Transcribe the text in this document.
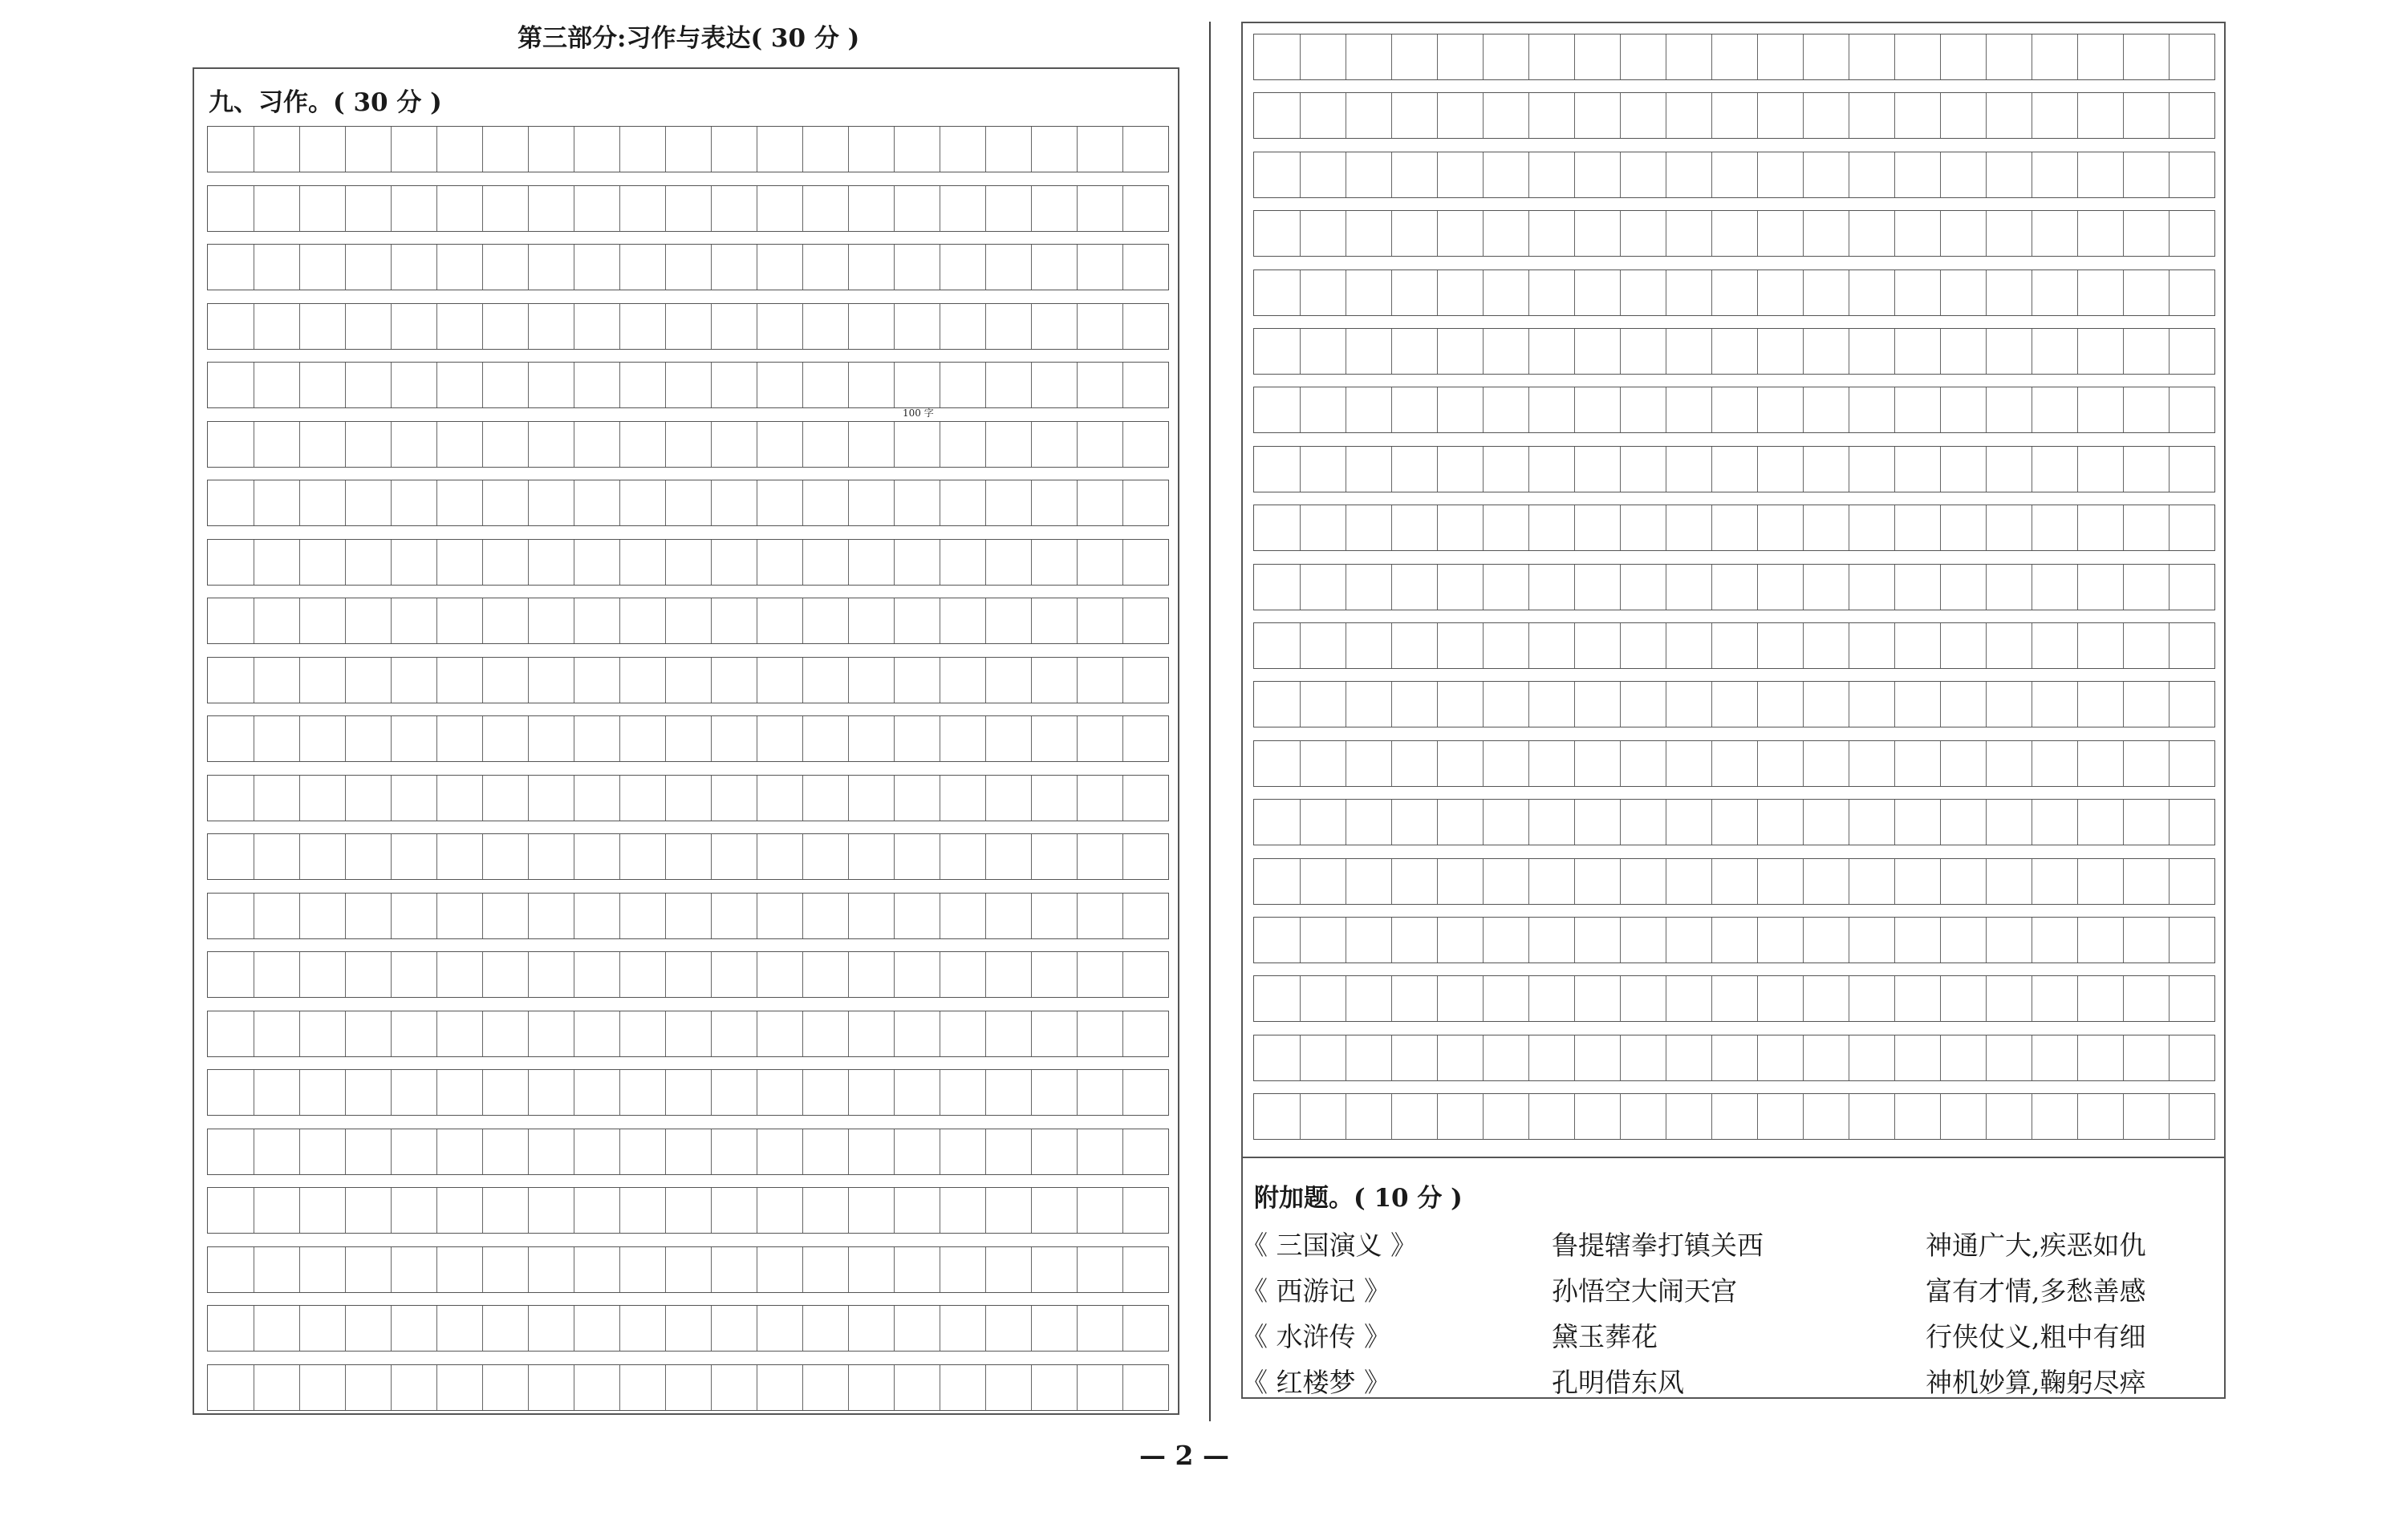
第三部分:习作与表达( 30 分 )
九、习作。( 30 分 )
100 字
附加题。( 10 分 )
《 三国演义 》
《 西游记 》
《 水浒传 》
《 红楼梦 》
鲁提辖拳打镇关西
孙悟空大闹天宫
黛玉葬花
孔明借东风
神通广大,疾恶如仇
富有才情,多愁善感
行侠仗义,粗中有细
神机妙算,鞠躬尽瘁
— 2 —
